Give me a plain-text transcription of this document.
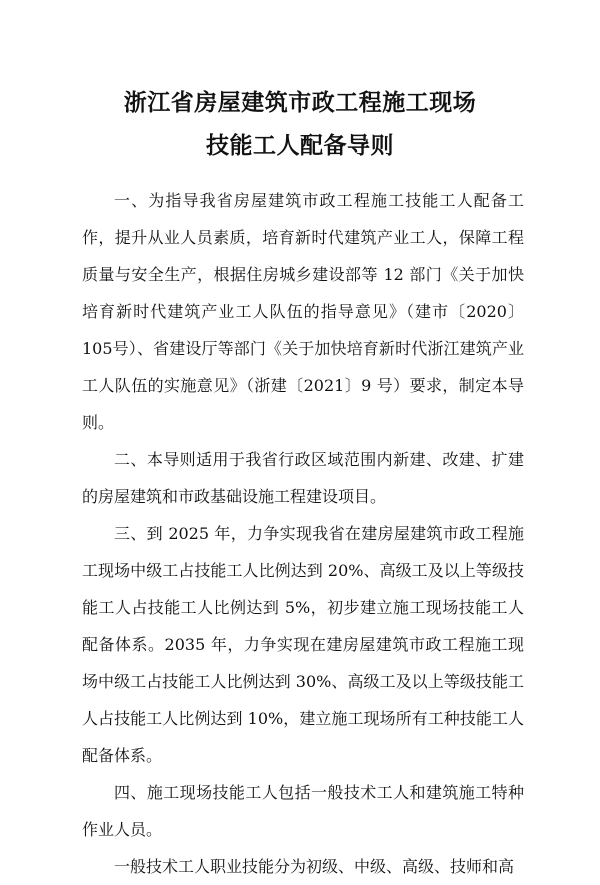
浙江省房屋建筑市政工程施工现场
技能工人配备导则

一、为指导我省房屋建筑市政工程施工技能工人配备工作，提升从业人员素质，培育新时代建筑产业工人，保障工程质量与安全生产，根据住房城乡建设部等 12 部门《关于加快培育新时代建筑产业工人队伍的指导意见》（建市〔2020〕105号）、省建设厅等部门《关于加快培育新时代浙江建筑产业工人队伍的实施意见》（浙建〔2021〕9 号）要求，制定本导则。

二、本导则适用于我省行政区域范围内新建、改建、扩建的房屋建筑和市政基础设施工程建设项目。

三、到 2025 年，力争实现我省在建房屋建筑市政工程施工现场中级工占技能工人比例达到 20%、高级工及以上等级技能工人占技能工人比例达到 5%，初步建立施工现场技能工人配备体系。2035 年，力争实现在建房屋建筑市政工程施工现场中级工占技能工人比例达到 30%、高级工及以上等级技能工人占技能工人比例达到 10%，建立施工现场所有工种技能工人配备体系。

四、施工现场技能工人包括一般技术工人和建筑施工特种作业人员。

一般技术工人职业技能分为初级、中级、高级、技师和高
